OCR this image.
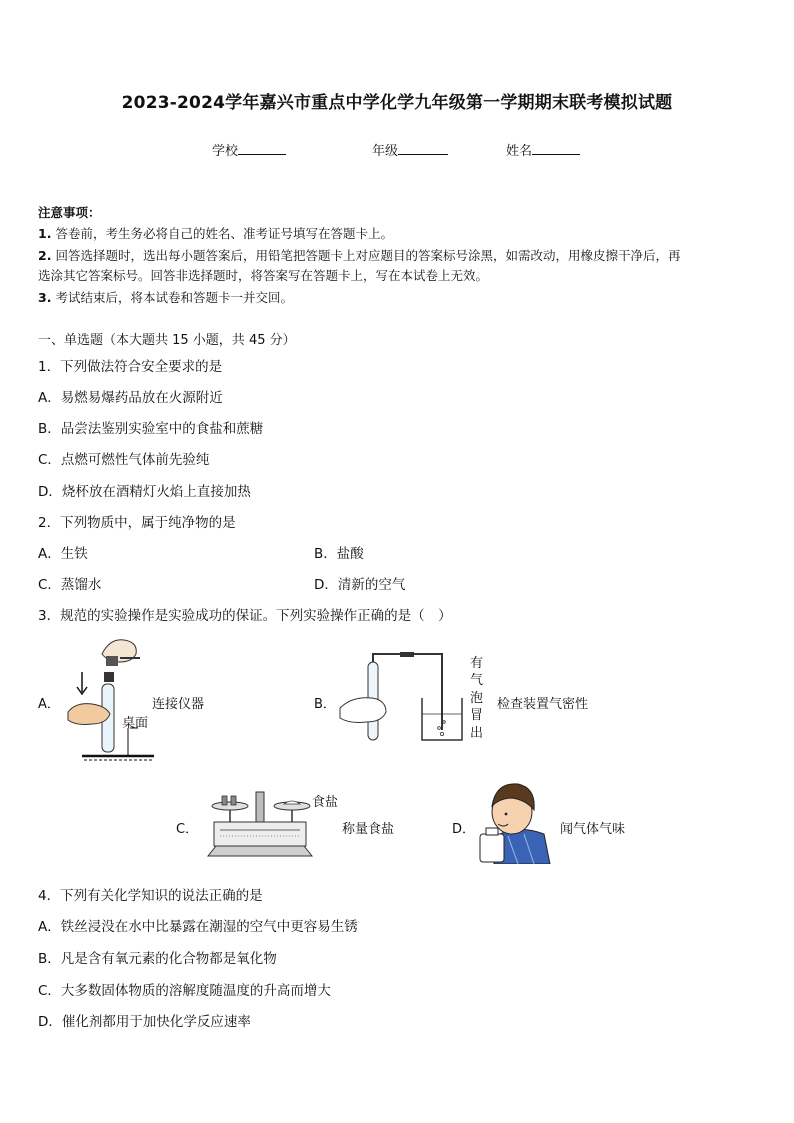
2023-2024学年嘉兴市重点中学化学九年级第一学期期末联考模拟试题
学校	年级	姓名
注意事项：
1. 答卷前，考生务必将自己的姓名、准考证号填写在答题卡上。
2. 回答选择题时，选出每小题答案后，用铅笔把答题卡上对应题目的答案标号涂黑，如需改动，用橡皮擦干净后，再
选涂其它答案标号。回答非选择题时，将答案写在答题卡上，写在本试卷上无效。
3. 考试结束后，将本试卷和答题卡一并交回。
一、单选题（本大题共 15 小题，共 45 分）
1．下列做法符合安全要求的是
A．易燃易爆药品放在火源附近
B．品尝法鉴别实验室中的食盐和蔗糖
C．点燃可燃性气体前先验纯
D．烧杯放在酒精灯火焰上直接加热
2．下列物质中，属于纯净物的是
A．生铁	B．盐酸
C．蒸馏水	D．清新的空气
3．规范的实验操作是实验成功的保证。下列实验操作正确的是（　）
A．	连接仪器
桌面
B．
有
气
泡
冒
出
检查装置气密性
C．
食盐
称量食盐	D．	闻气体气味
4．下列有关化学知识的说法正确的是
A．铁丝浸没在水中比暴露在潮湿的空气中更容易生锈
B．凡是含有氧元素的化合物都是氧化物
C．大多数固体物质的溶解度随温度的升高而增大
D．催化剂都用于加快化学反应速率
